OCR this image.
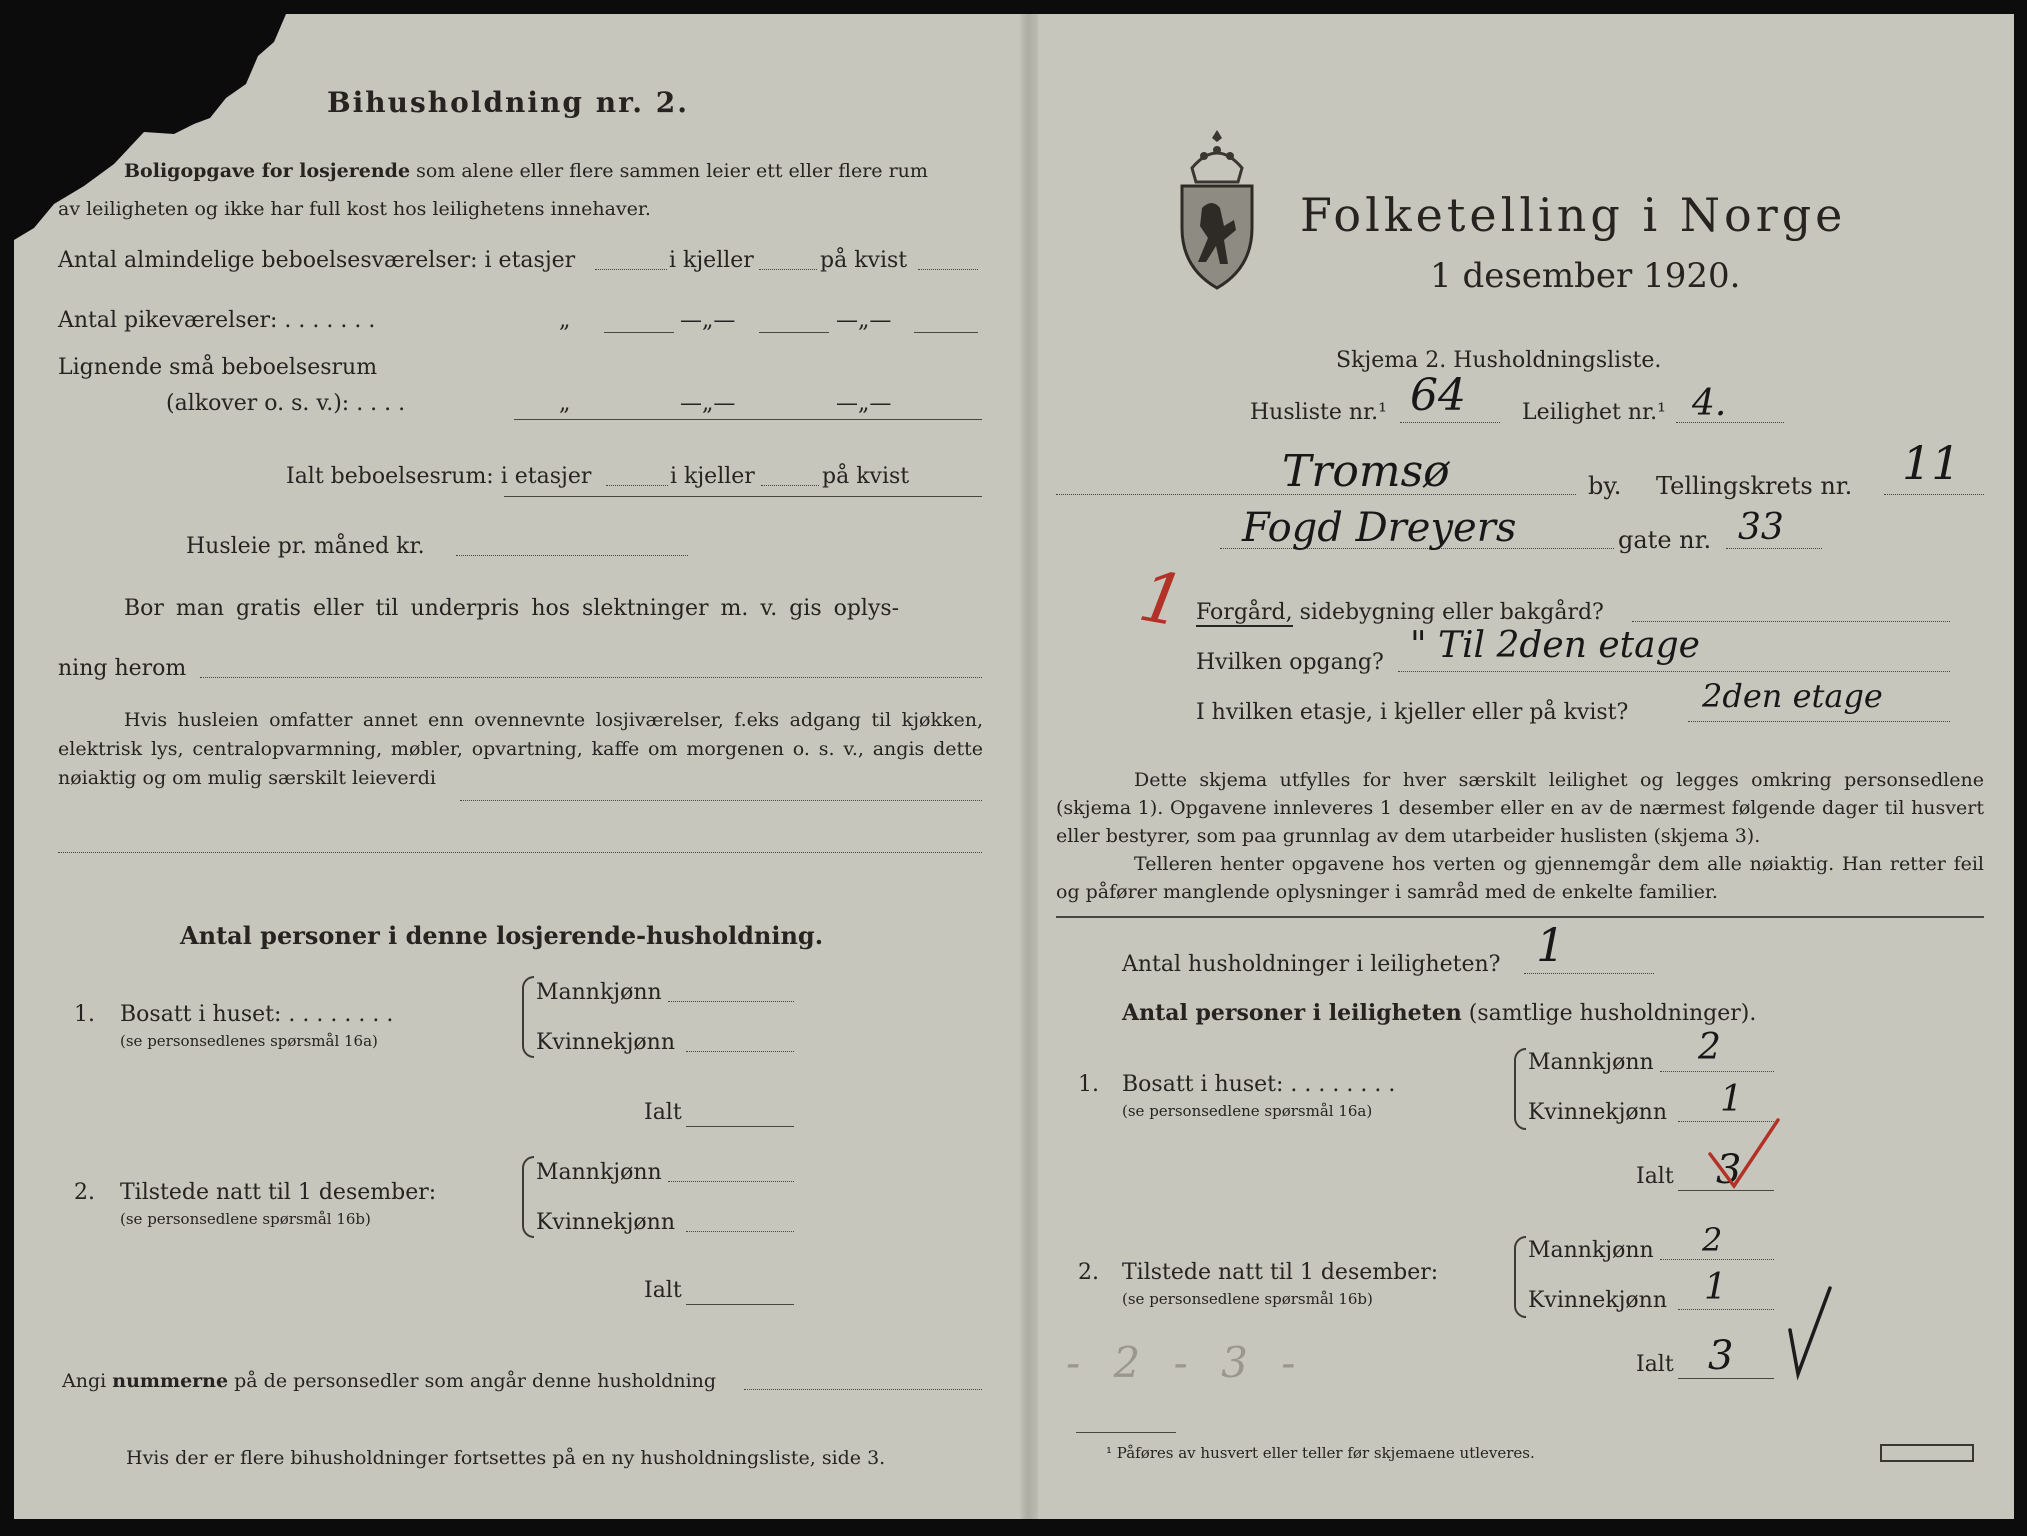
Bihusholdning nr. 2.
Boligopgave for losjerende som alene eller flere sammen leier ett eller flere rum
av leiligheten og ikke har full kost hos leilighetens innehaver.
Antal almindelige beboelsesværelser: i etasjer	i kjeller	på kvist
Antal pikeværelser: . . . . . . .	„	—„—	—„—
Lignende små beboelsesrum
(alkover o. s. v.): . . . .	„	—„—	—„—
Ialt beboelsesrum: i etasjer	i kjeller	på kvist
Husleie pr. måned kr.
Bor man gratis eller til underpris hos slektninger m. v. gis oplys-
ning herom
Hvis husleien omfatter annet enn ovennevnte losjiværelser, f.eks adgang til kjøkken, elektrisk lys, centralopvarmning, møbler, opvartning, kaffe om morgenen o. s. v., angis dette nøiaktig og om mulig særskilt leieverdi
Antal personer i denne losjerende-husholdning.
1. Bosatt i huset: . . . . . . . .
(se personsedlenes spørsmål 16a)
Mannkjønn
Kvinnekjønn
Ialt
2. Tilstede natt til 1 desember:
(se personsedlene spørsmål 16b)
Mannkjønn
Kvinnekjønn
Ialt
Angi nummerne på de personsedler som angår denne husholdning
Hvis der er flere bihusholdninger fortsettes på en ny husholdningsliste, side 3.
Folketelling i Norge
1 desember 1920.
Skjema 2. Husholdningsliste.
Husliste nr.¹ 64	Leilighet nr.¹ 4.
Tromsø	by. Tellingskrets nr. 11
Fogd Dreyers	gate nr. 33
1 Forgård, sidebygning eller bakgård?
Hvilken opgang? " Til 2den etage
I hvilken etasje, i kjeller eller på kvist? 2den etage
Dette skjema utfylles for hver særskilt leilighet og legges omkring personsedlene (skjema 1). Opgavene innleveres 1 desember eller en av de nærmest følgende dager til husvert eller bestyrer, som paa grunnlag av dem utarbeider huslisten (skjema 3).
Telleren henter opgavene hos verten og gjennemgår dem alle nøiaktig. Han retter feil og påfører manglende oplysninger i samråd med de enkelte familier.
Antal husholdninger i leiligheten? 1
Antal personer i leiligheten (samtlige husholdninger).
1. Bosatt i huset: . . . . . . . .
(se personsedlene spørsmål 16a)
Mannkjønn 2
Kvinnekjønn 1
Ialt 3
2. Tilstede natt til 1 desember:
(se personsedlene spørsmål 16b)
Mannkjønn 2
Kvinnekjønn 1
Ialt 3
- 2 - 3 -
¹ Påføres av husvert eller teller før skjemaene utleveres.
